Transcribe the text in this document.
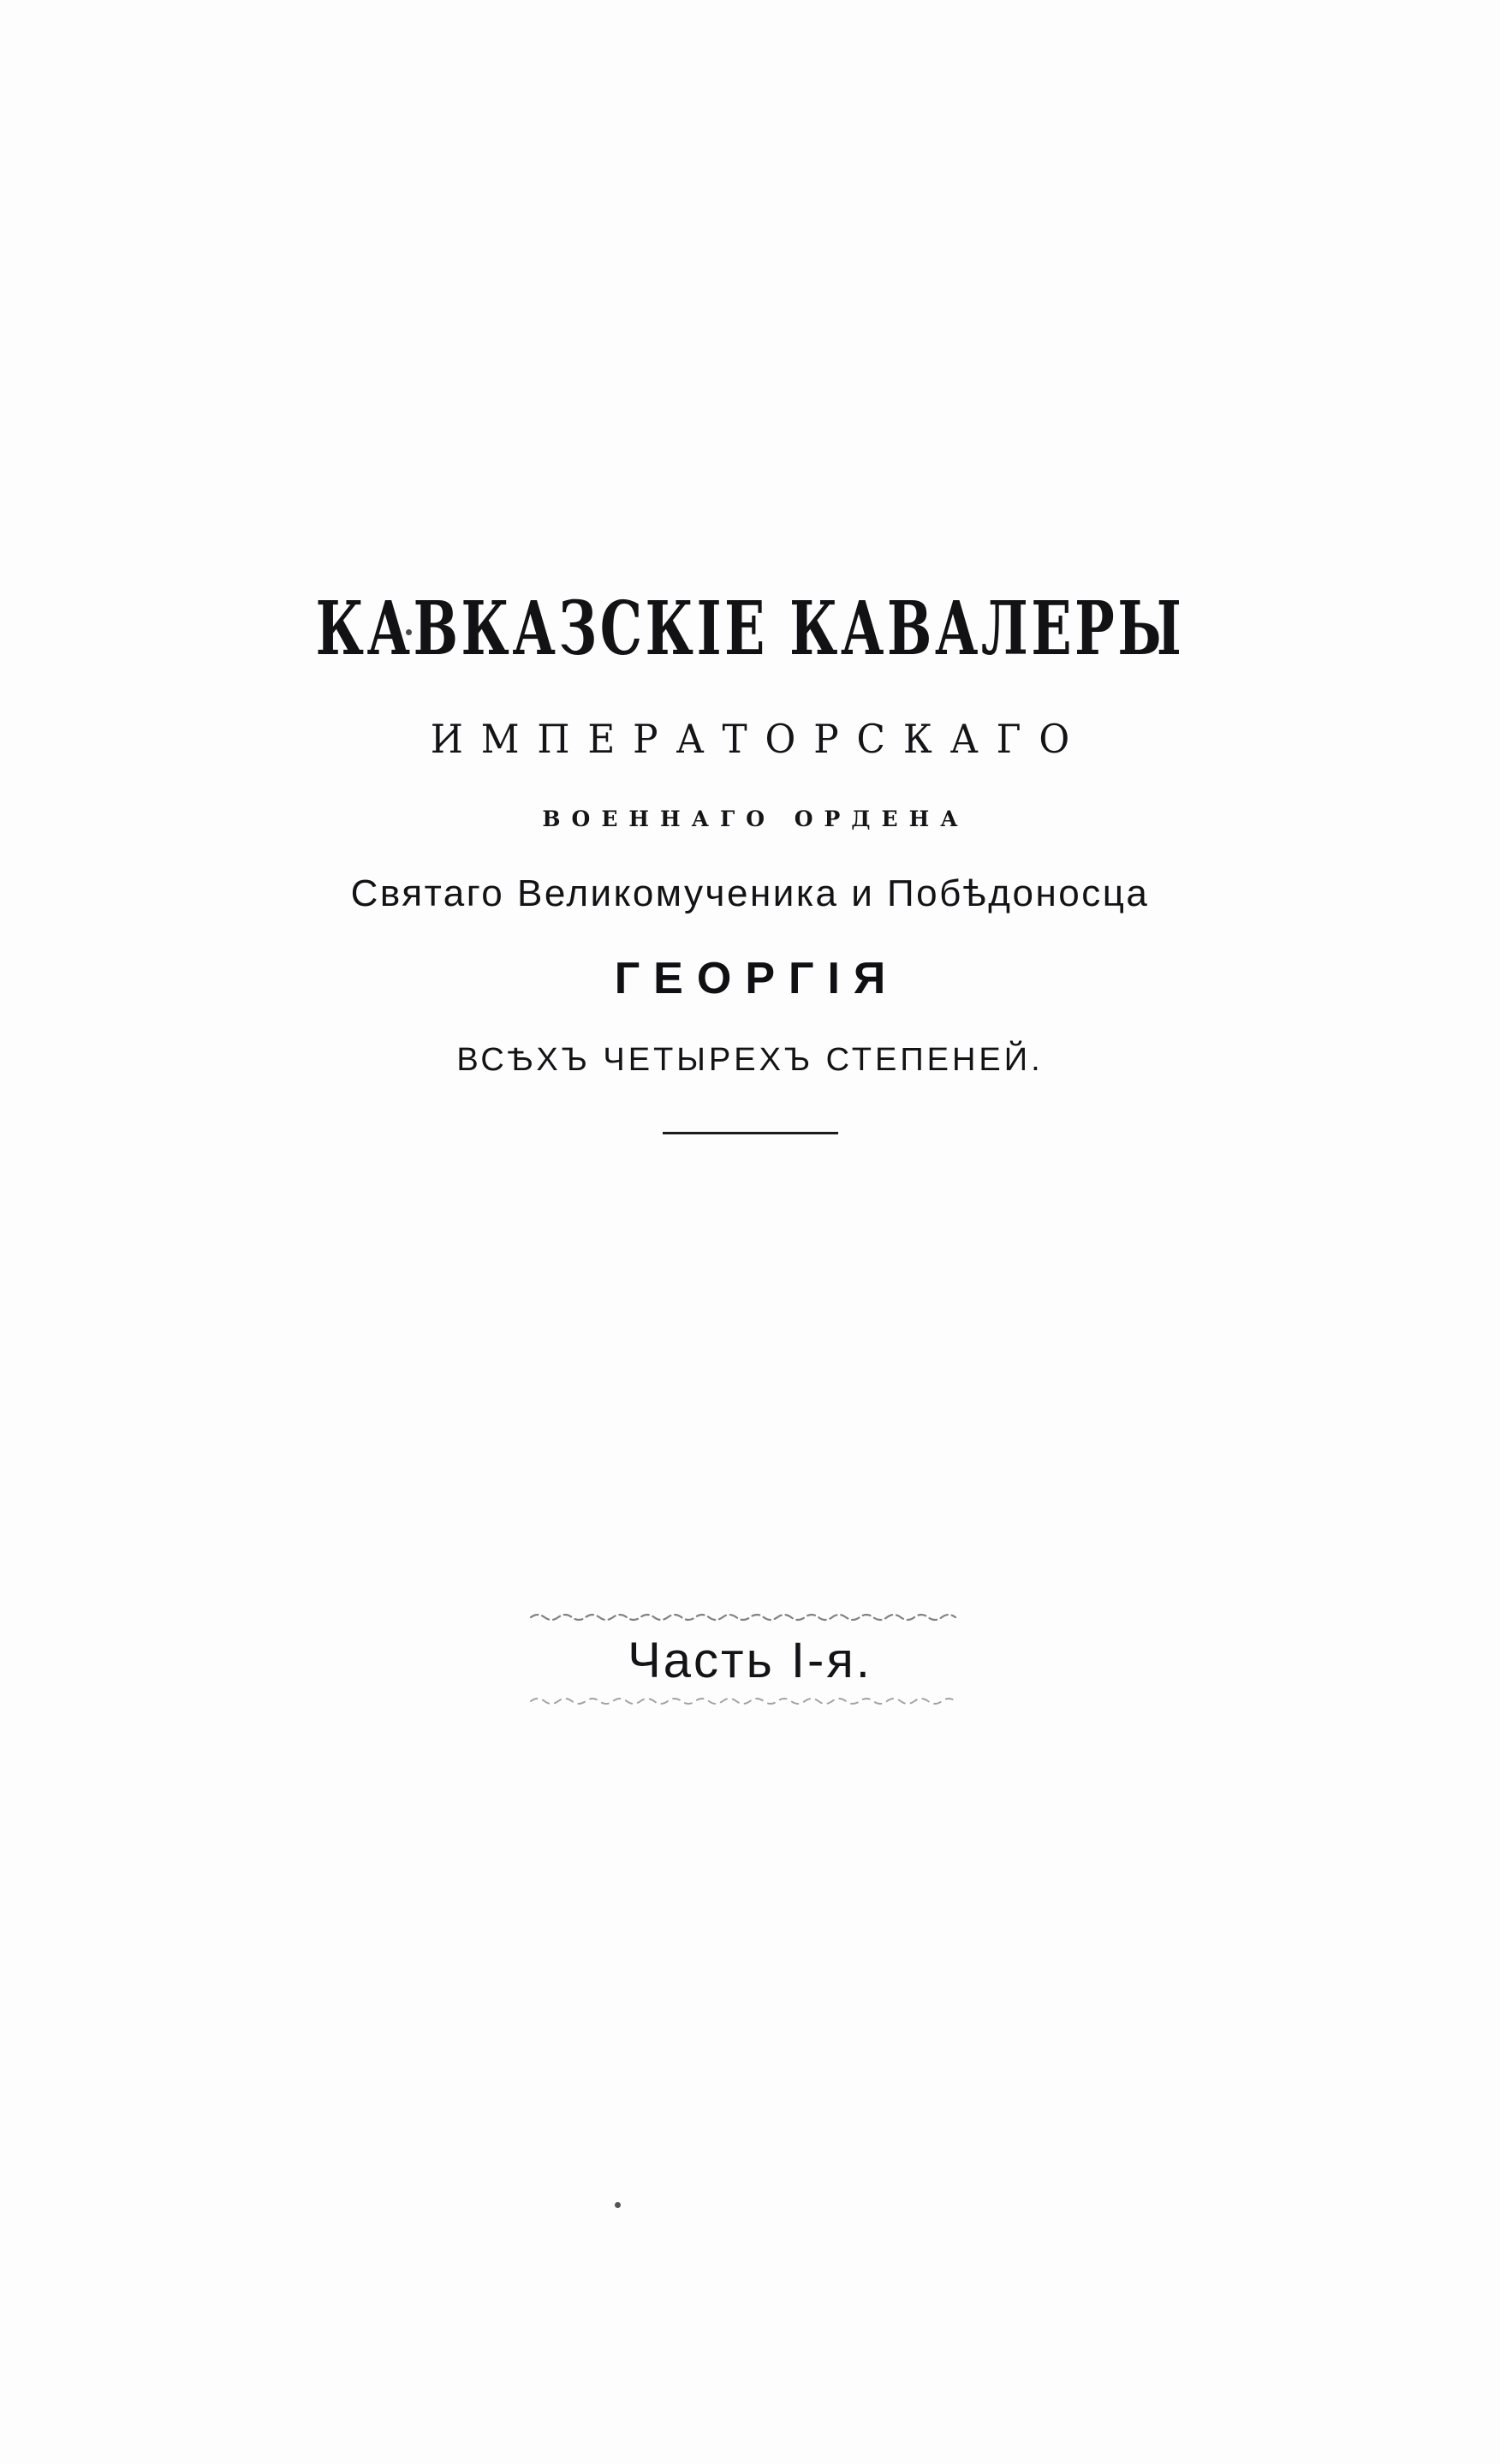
КАВКАЗСКІЕ КАВАЛЕРЫ
ИМПЕРАТОРСКАГО
ВОЕННАГО ОРДЕНА
Святаго Великомученика и Побѣдоносца
ГЕОРГІЯ
ВСѢХЪ ЧЕТЫРЕХЪ СТЕПЕНЕЙ.
Часть I-я.
